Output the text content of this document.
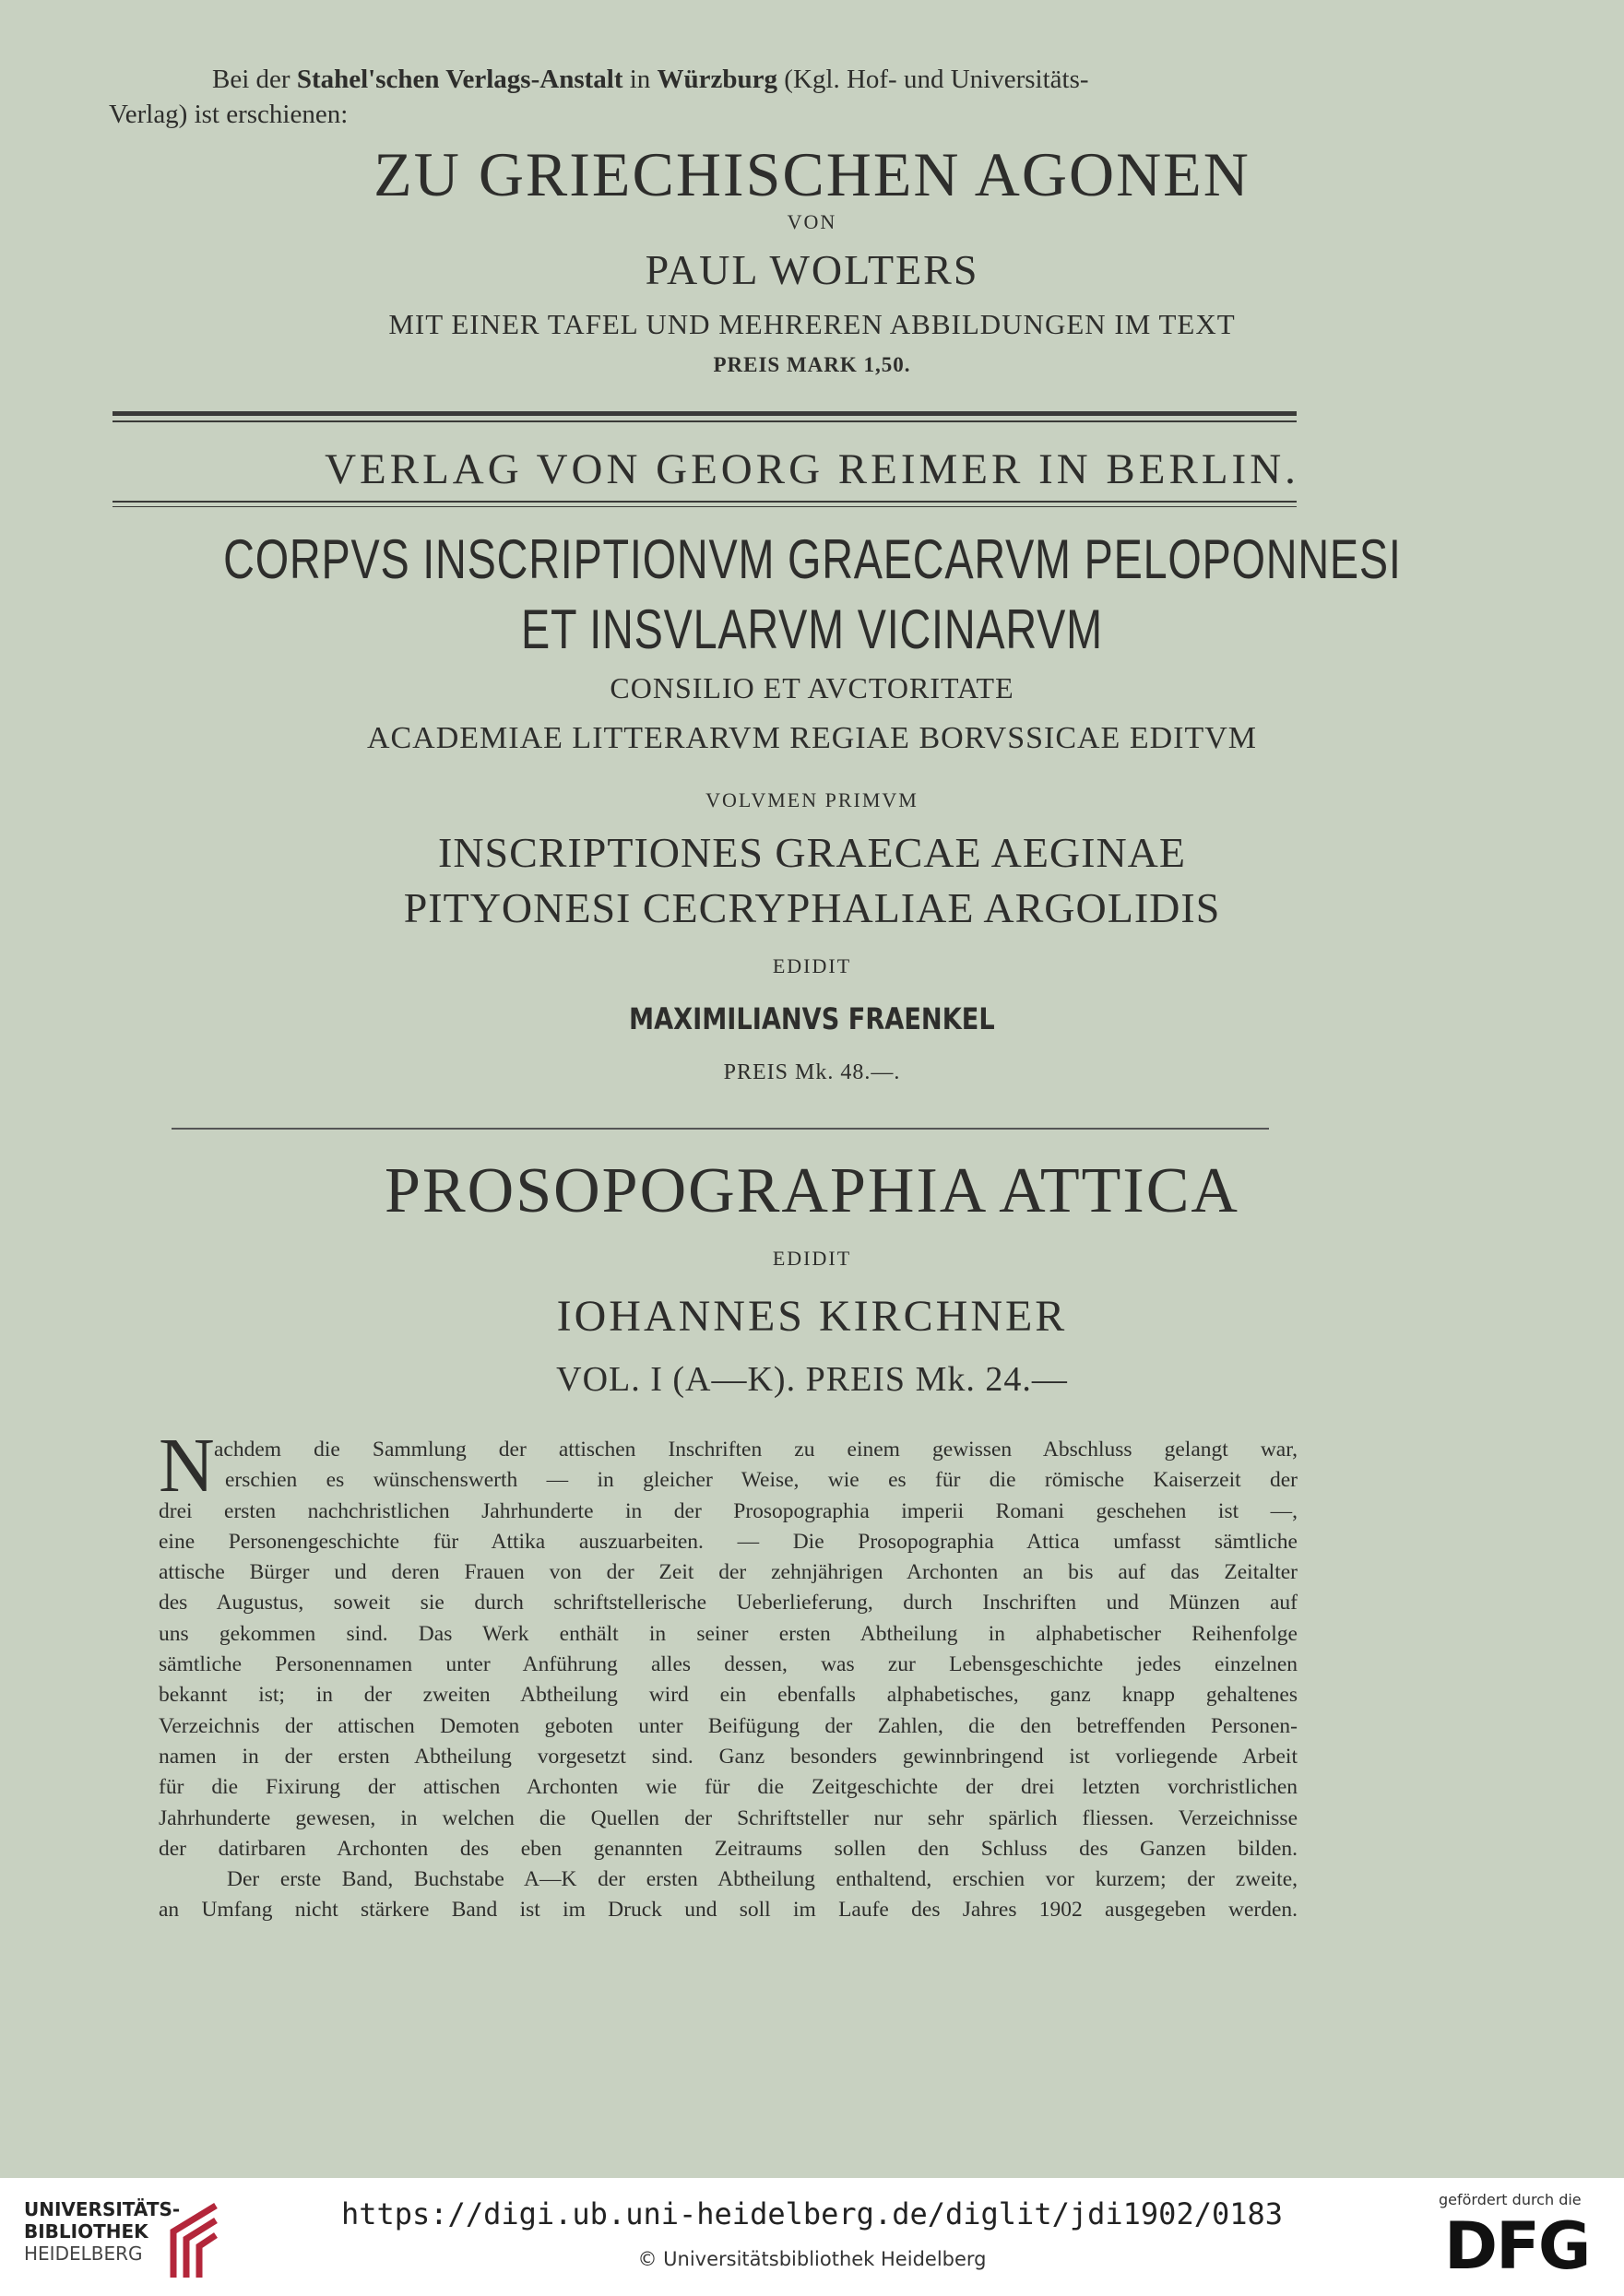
Bei der Stahel'schen Verlags-Anstalt in Würzburg (Kgl. Hof- und Universitäts-
Verlag) ist erschienen:
ZU GRIECHISCHEN AGONEN
VON
PAUL WOLTERS
MIT EINER TAFEL UND MEHREREN ABBILDUNGEN IM TEXT
PREIS MARK 1,50.
VERLAG VON GEORG REIMER IN BERLIN.
CORPVS INSCRIPTIONVM GRAECARVM PELOPONNESI
ET INSVLARVM VICINARVM
CONSILIO ET AVCTORITATE
ACADEMIAE LITTERARVM REGIAE BORVSSICAE EDITVM
VOLVMEN PRIMVM
INSCRIPTIONES GRAECAE AEGINAE
PITYONESI CECRYPHALIAE ARGOLIDIS
EDIDIT
MAXIMILIANVS FRAENKEL
PREIS Mk. 48.—.
PROSOPOGRAPHIA ATTICA
EDIDIT
IOHANNES KIRCHNER
VOL. I (A—K). PREIS Mk. 24.—
N achdem die Sammlung der attischen Inschriften zu einem gewissen Abschluss gelangt war,
erschien es wünschenswerth — in gleicher Weise, wie es für die römische Kaiserzeit der
drei ersten nachchristlichen Jahrhunderte in der Prosopographia imperii Romani geschehen ist —,
eine Personengeschichte für Attika auszuarbeiten. — Die Prosopographia Attica umfasst sämtliche
attische Bürger und deren Frauen von der Zeit der zehnjährigen Archonten an bis auf das Zeitalter
des Augustus, soweit sie durch schriftstellerische Ueberlieferung, durch Inschriften und Münzen auf
uns gekommen sind. Das Werk enthält in seiner ersten Abtheilung in alphabetischer Reihenfolge
sämtliche Personennamen unter Anführung alles dessen, was zur Lebensgeschichte jedes einzelnen
bekannt ist; in der zweiten Abtheilung wird ein ebenfalls alphabetisches, ganz knapp gehaltenes
Verzeichnis der attischen Demoten geboten unter Beifügung der Zahlen, die den betreffenden Personen-
namen in der ersten Abtheilung vorgesetzt sind. Ganz besonders gewinnbringend ist vorliegende Arbeit
für die Fixirung der attischen Archonten wie für die Zeitgeschichte der drei letzten vorchristlichen
Jahrhunderte gewesen, in welchen die Quellen der Schriftsteller nur sehr spärlich fliessen. Verzeichnisse
der datirbaren Archonten des eben genannten Zeitraums sollen den Schluss des Ganzen bilden.
Der erste Band, Buchstabe A—K der ersten Abtheilung enthaltend, erschien vor kurzem; der zweite,
an Umfang nicht stärkere Band ist im Druck und soll im Laufe des Jahres 1902 ausgegeben werden.
UNIVERSITÄTS-
BIBLIOTHEK
HEIDELBERG
https://digi.ub.uni-heidelberg.de/diglit/jdi1902/0183
© Universitätsbibliothek Heidelberg
gefördert durch die
DFG
